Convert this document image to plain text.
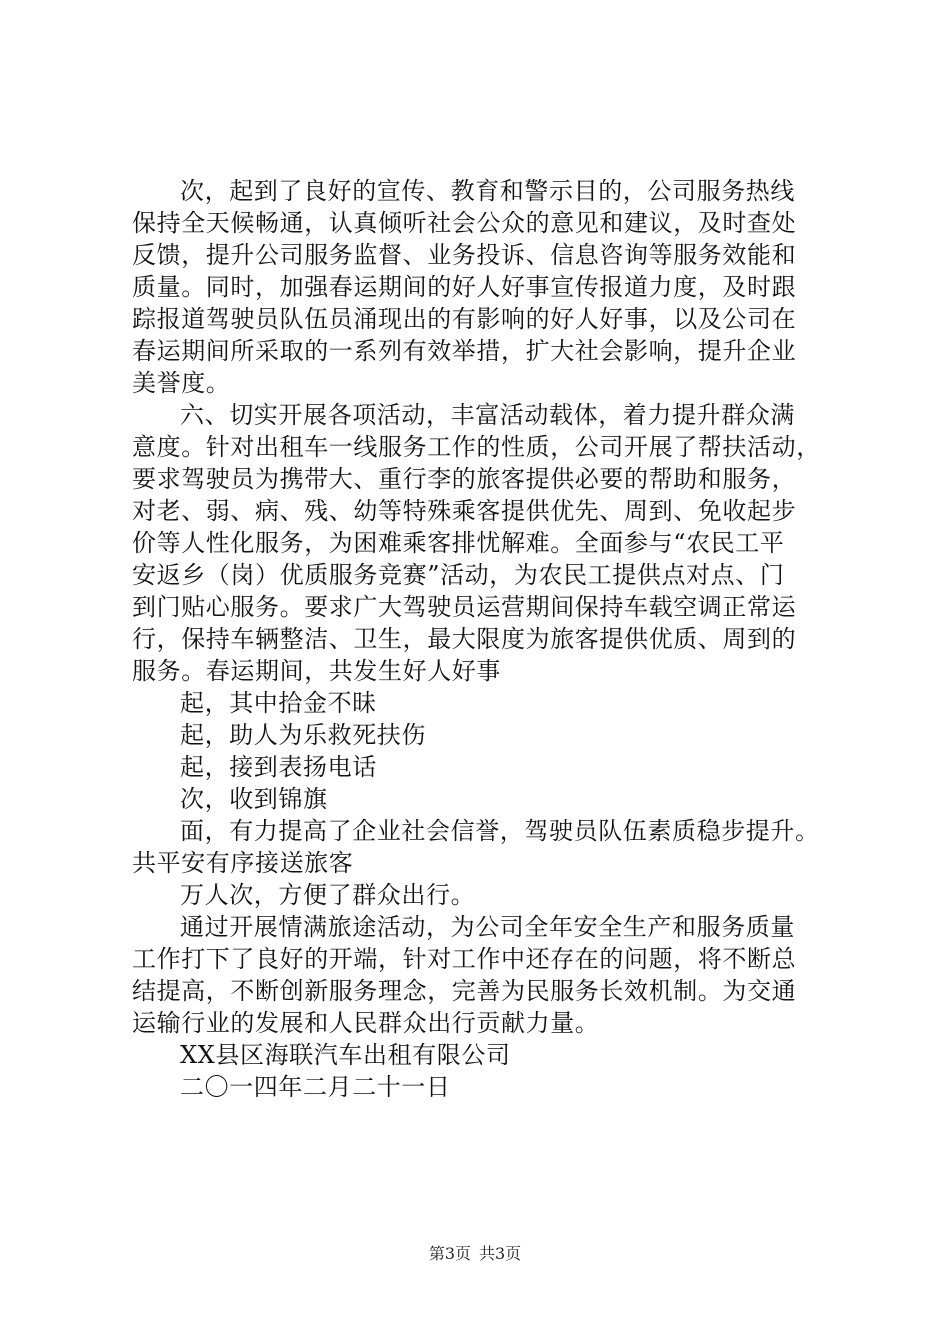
次，起到了良好的宣传、教育和警示目的，公司服务热线
保持全天候畅通，认真倾听社会公众的意见和建议，及时查处
反馈，提升公司服务监督、业务投诉、信息咨询等服务效能和
质量。同时，加强春运期间的好人好事宣传报道力度，及时跟
踪报道驾驶员队伍员涌现出的有影响的好人好事，以及公司在
春运期间所采取的一系列有效举措，扩大社会影响，提升企业
美誉度。
六、切实开展各项活动，丰富活动载体，着力提升群众满
意度。针对出租车一线服务工作的性质，公司开展了帮扶活动，
要求驾驶员为携带大、重行李的旅客提供必要的帮助和服务，
对老、弱、病、残、幼等特殊乘客提供优先、周到、免收起步
价等人性化服务，为困难乘客排忧解难。全面参与“农民工平
安返乡（岗）优质服务竞赛”活动，为农民工提供点对点、门
到门贴心服务。要求广大驾驶员运营期间保持车载空调正常运
行，保持车辆整洁、卫生，最大限度为旅客提供优质、周到的
服务。春运期间，共发生好人好事
起，其中拾金不昧
起，助人为乐救死扶伤
起，接到表扬电话
次，收到锦旗
面，有力提高了企业社会信誉，驾驶员队伍素质稳步提升。
共平安有序接送旅客
万人次，方便了群众出行。
通过开展情满旅途活动，为公司全年安全生产和服务质量
工作打下了良好的开端，针对工作中还存在的问题，将不断总
结提高，不断创新服务理念，完善为民服务长效机制。为交通
运输行业的发展和人民群众出行贡献力量。
XX县区海联汽车出租有限公司
二〇一四年二月二十一日
第3页 共3页
